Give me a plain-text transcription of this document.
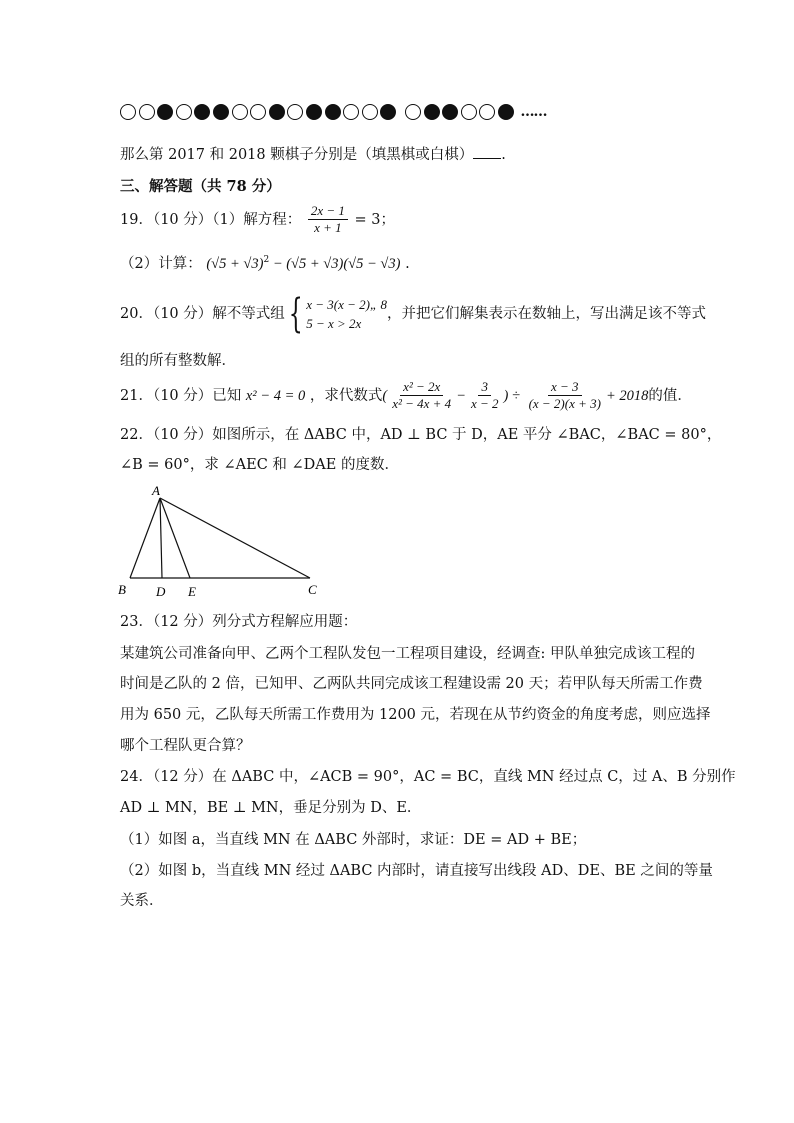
……
那么第 2017 和 2018 颗棋子分别是（填黑棋或白棋） .
三、解答题（共 78 分）
19．（10 分）（1）解方程： $\frac{2x - 1}{x + 1} = 3$；
（2）计算： $(√5 + √3)^2 - (√5 + √3)(√5 - √3)$ .
20．（10 分）解不等式组{ x − 3(x − 2)„ 8
5 − x > 2x
，并把它们解集表示在数轴上，写出满足该不等式
组的所有整数解．
21．（10 分）已知 x² − 4 = 0 ，求代数式( $\frac{\text{x² − 2x}}{\text{x² − 4x + 4}} - \frac{3}{x - 2}$ ) ÷ $\frac{x - 3}{(x - 2)(x + 3)} + 2018$的值．
22．（10 分）如图所示，在 ΔABC 中，AD ⊥ BC 于 D，AE 平分 ∠BAC，∠BAC = 80°，
∠B = 60°，求 ∠AEC 和 ∠DAE 的度数．
A
B	C
D E
23．（12 分）列分式方程解应用题：
某建筑公司准备向甲、乙两个工程队发包一工程项目建设，经调查: 甲队单独完成该工程的
时间是乙队的 2 倍，已知甲、乙两队共同完成该工程建设需 20 天；若甲队每天所需工作费
用为 650 元，乙队每天所需工作费用为 1200 元，若现在从节约资金的角度考虑，则应选择
哪个工程队更合算？
24．（12 分）在 ΔABC 中，∠ACB = 90°，AC = BC，直线 MN 经过点 C，过 A、B 分别作
AD ⊥ MN，BE ⊥ MN，垂足分别为 D、E．
（1）如图 a，当直线 MN 在 ΔABC 外部时，求证：DE = AD + BE；
（2）如图 b，当直线 MN 经过 ΔABC 内部时，请直接写出线段 AD、DE、BE 之间的等量
关系．
